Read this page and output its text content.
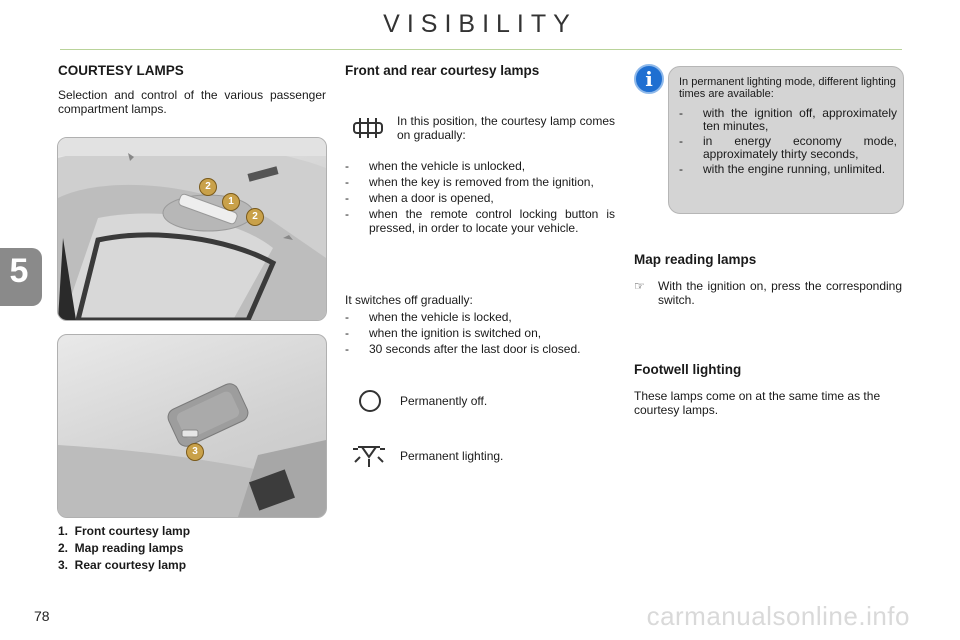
VISIBILITY
5
COURTESY LAMPS
Selection and control of the various passenger compartment lamps.
2
1
2
3
1.  Front courtesy lamp
2.  Map reading lamps
3.  Rear courtesy lamp
Front and rear courtesy lamps
In this position, the courtesy lamp comes on gradually:
- when the vehicle is unlocked,
- when the key is removed from the ignition,
- when a door is opened,
- when the remote control locking button is pressed, in order to locate your vehicle.
It switches off gradually:
- when the vehicle is locked,
- when the ignition is switched on,
- 30 seconds after the last door is closed.
Permanently off.
Permanent lighting.
In permanent lighting mode, different lighting times are available:
- with the ignition off, approximately ten minutes,
- in energy economy mode, approximately thirty seconds,
- with the engine running, unlimited.
i
Map reading lamps
☞ With the ignition on, press the corresponding switch.
Footwell lighting
These lamps come on at the same time as the courtesy lamps.
78	carmanualsonline.info
